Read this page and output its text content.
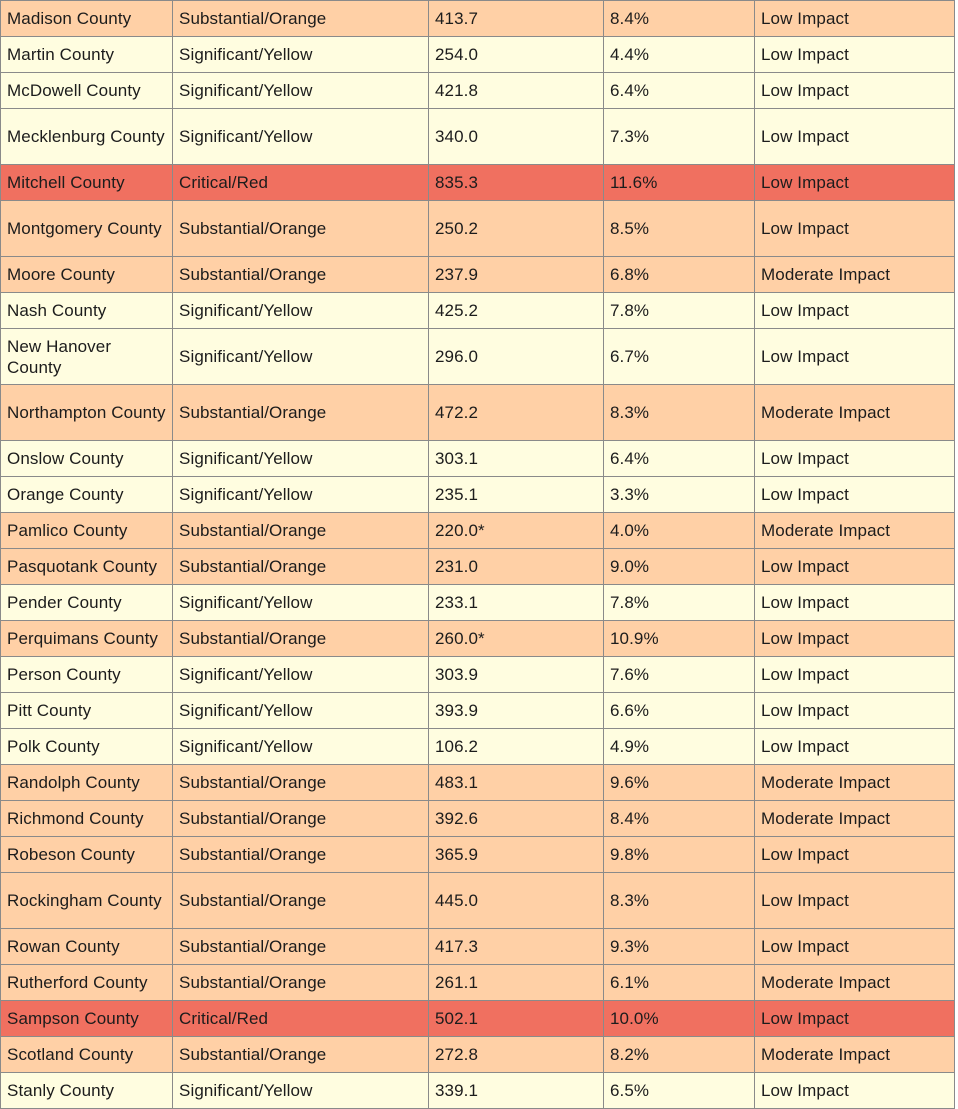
Madison County	Substantial/Orange	413.7	8.4%	Low Impact
Martin County	Significant/Yellow	254.0	4.4%	Low Impact
McDowell County	Significant/Yellow	421.8	6.4%	Low Impact
Mecklenburg County	Significant/Yellow	340.0	7.3%	Low Impact
Mitchell County	Critical/Red	835.3	11.6%	Low Impact
Montgomery County	Substantial/Orange	250.2	8.5%	Low Impact
Moore County	Substantial/Orange	237.9	6.8%	Moderate Impact
Nash County	Significant/Yellow	425.2	7.8%	Low Impact
New Hanover County	Significant/Yellow	296.0	6.7%	Low Impact
Northampton County	Substantial/Orange	472.2	8.3%	Moderate Impact
Onslow County	Significant/Yellow	303.1	6.4%	Low Impact
Orange County	Significant/Yellow	235.1	3.3%	Low Impact
Pamlico County	Substantial/Orange	220.0*	4.0%	Moderate Impact
Pasquotank County	Substantial/Orange	231.0	9.0%	Low Impact
Pender County	Significant/Yellow	233.1	7.8%	Low Impact
Perquimans County	Substantial/Orange	260.0*	10.9%	Low Impact
Person County	Significant/Yellow	303.9	7.6%	Low Impact
Pitt County	Significant/Yellow	393.9	6.6%	Low Impact
Polk County	Significant/Yellow	106.2	4.9%	Low Impact
Randolph County	Substantial/Orange	483.1	9.6%	Moderate Impact
Richmond County	Substantial/Orange	392.6	8.4%	Moderate Impact
Robeson County	Substantial/Orange	365.9	9.8%	Low Impact
Rockingham County	Substantial/Orange	445.0	8.3%	Low Impact
Rowan County	Substantial/Orange	417.3	9.3%	Low Impact
Rutherford County	Substantial/Orange	261.1	6.1%	Moderate Impact
Sampson County	Critical/Red	502.1	10.0%	Low Impact
Scotland County	Substantial/Orange	272.8	8.2%	Moderate Impact
Stanly County	Significant/Yellow	339.1	6.5%	Low Impact
